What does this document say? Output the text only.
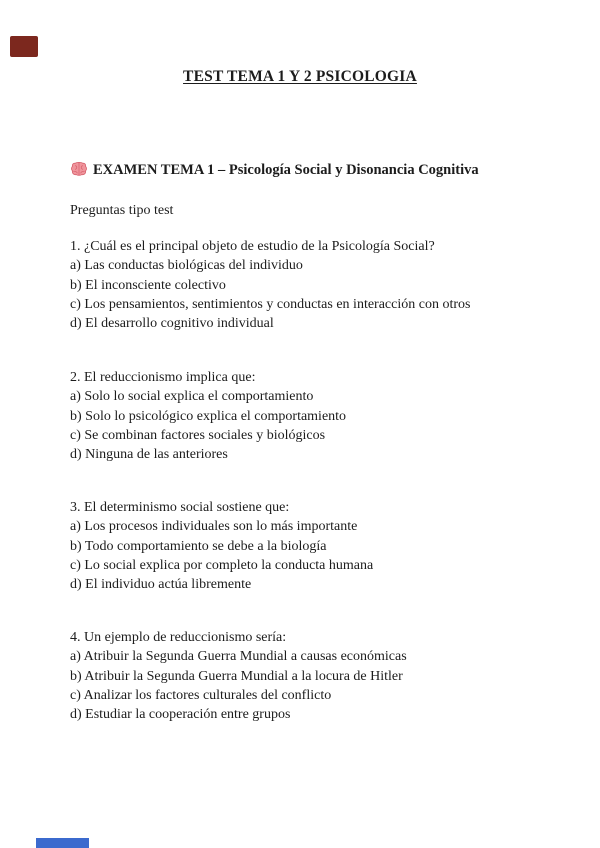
TEST TEMA 1 Y 2 PSICOLOGIA
EXAMEN TEMA 1 – Psicología Social y Disonancia Cognitiva
Preguntas tipo test
1. ¿Cuál es el principal objeto de estudio de la Psicología Social?
a) Las conductas biológicas del individuo
b) El inconsciente colectivo
c) Los pensamientos, sentimientos y conductas en interacción con otros
d) El desarrollo cognitivo individual
2. El reduccionismo implica que:
a) Solo lo social explica el comportamiento
b) Solo lo psicológico explica el comportamiento
c) Se combinan factores sociales y biológicos
d) Ninguna de las anteriores
3. El determinismo social sostiene que:
a) Los procesos individuales son lo más importante
b) Todo comportamiento se debe a la biología
c) Lo social explica por completo la conducta humana
d) El individuo actúa libremente
4. Un ejemplo de reduccionismo sería:
a) Atribuir la Segunda Guerra Mundial a causas económicas
b) Atribuir la Segunda Guerra Mundial a la locura de Hitler
c) Analizar los factores culturales del conflicto
d) Estudiar la cooperación entre grupos
